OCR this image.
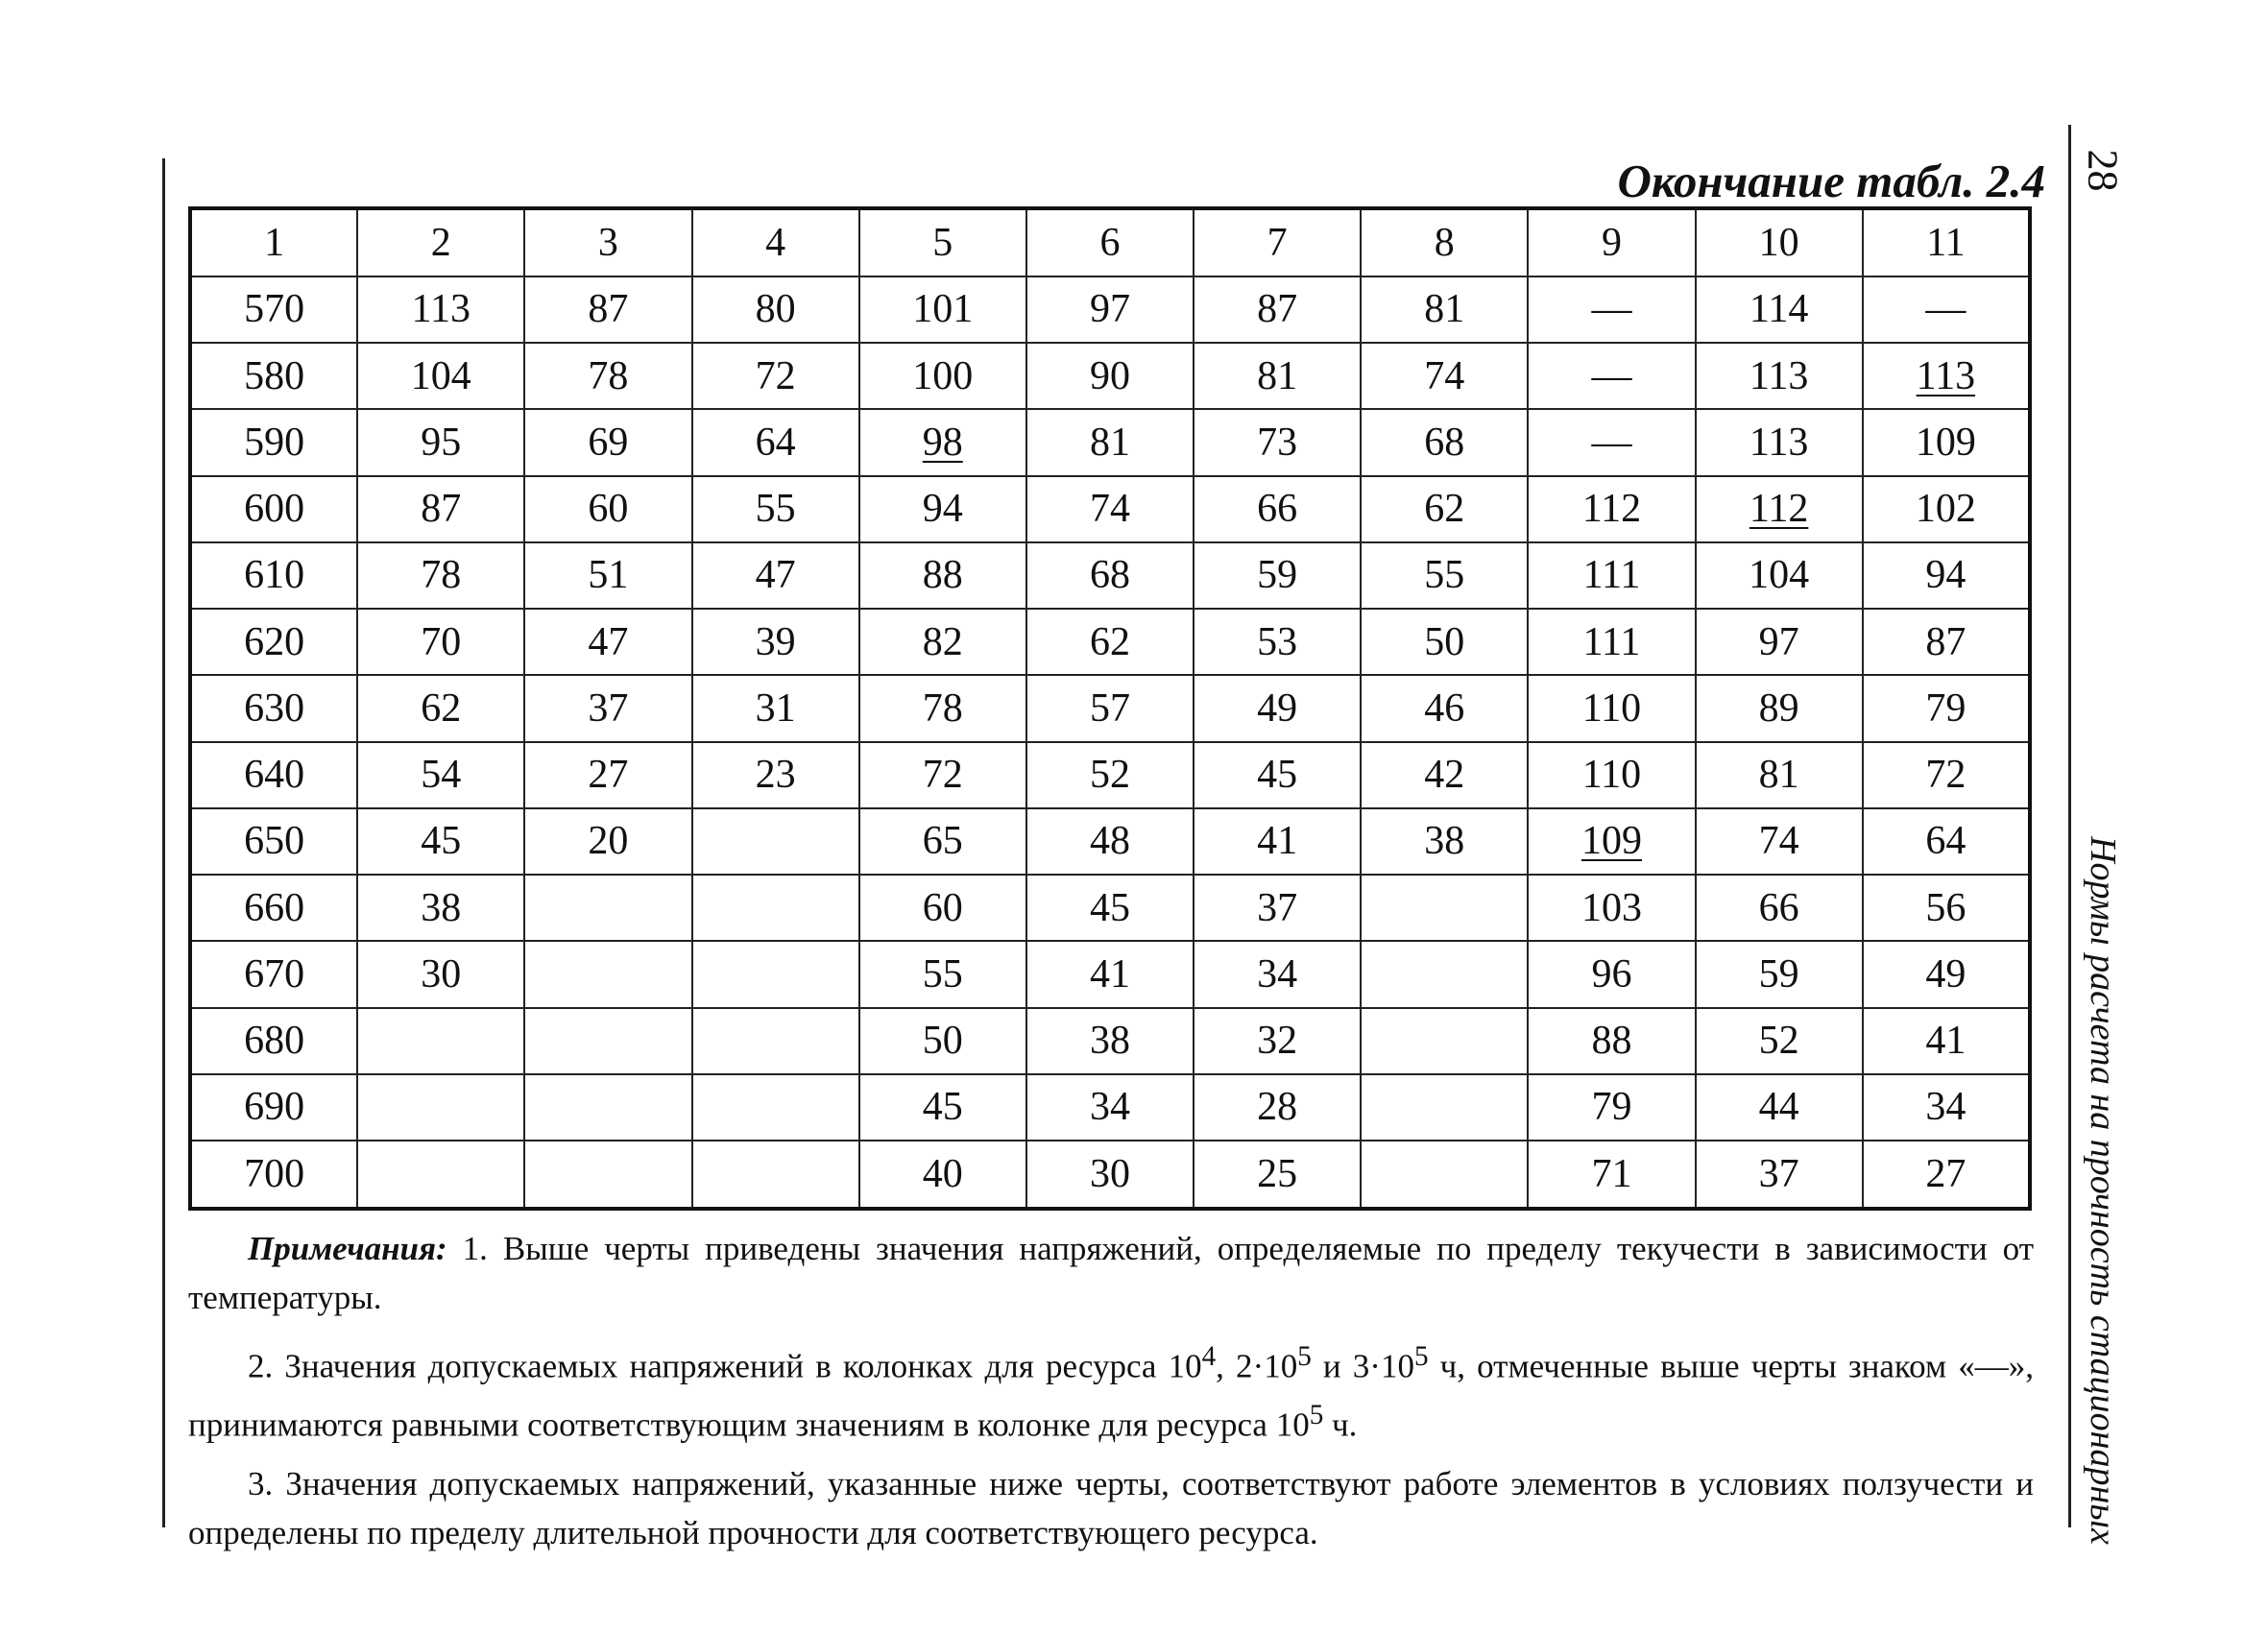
Окончание табл. 2.4 28
Нормы расчета на прочность стационарных
1	2	3	4	5	6	7	8	9	10	11
570	113	87	80	101	97	87	81	—	114	—
580	104	78	72	100	90	81	74	—	113	113
590	95	69	64	98	81	73	68	—	113	109
600	87	60	55	94	74	66	62	112	112	102
610	78	51	47	88	68	59	55	111	104	94
620	70	47	39	82	62	53	50	111	97	87
630	62	37	31	78	57	49	46	110	89	79
640	54	27	23	72	52	45	42	110	81	72
650	45	20		65	48	41	38	109	74	64
660	38			60	45	37		103	66	56
670	30			55	41	34		96	59	49
680				50	38	32		88	52	41
690				45	34	28		79	44	34
700				40	30	25		71	37	27

Примечания: 1. Выше черты приведены значения напряжений, определяемые по пределу текучести в зависимости от температуры.

2. Значения допускаемых напряжений в колонках для ресурса $10^4$, $2\cdot 10^5$ и $3\cdot 10^5$ ч, отмеченные выше черты знаком «—», принимаются равными соответствующим значениям в колонке для ресурса $10^5$ ч.

3. Значения допускаемых напряжений, указанные ниже черты, соответствуют работе элементов в условиях ползучести и определены по пределу длительной прочности для соответствующего ресурса.
